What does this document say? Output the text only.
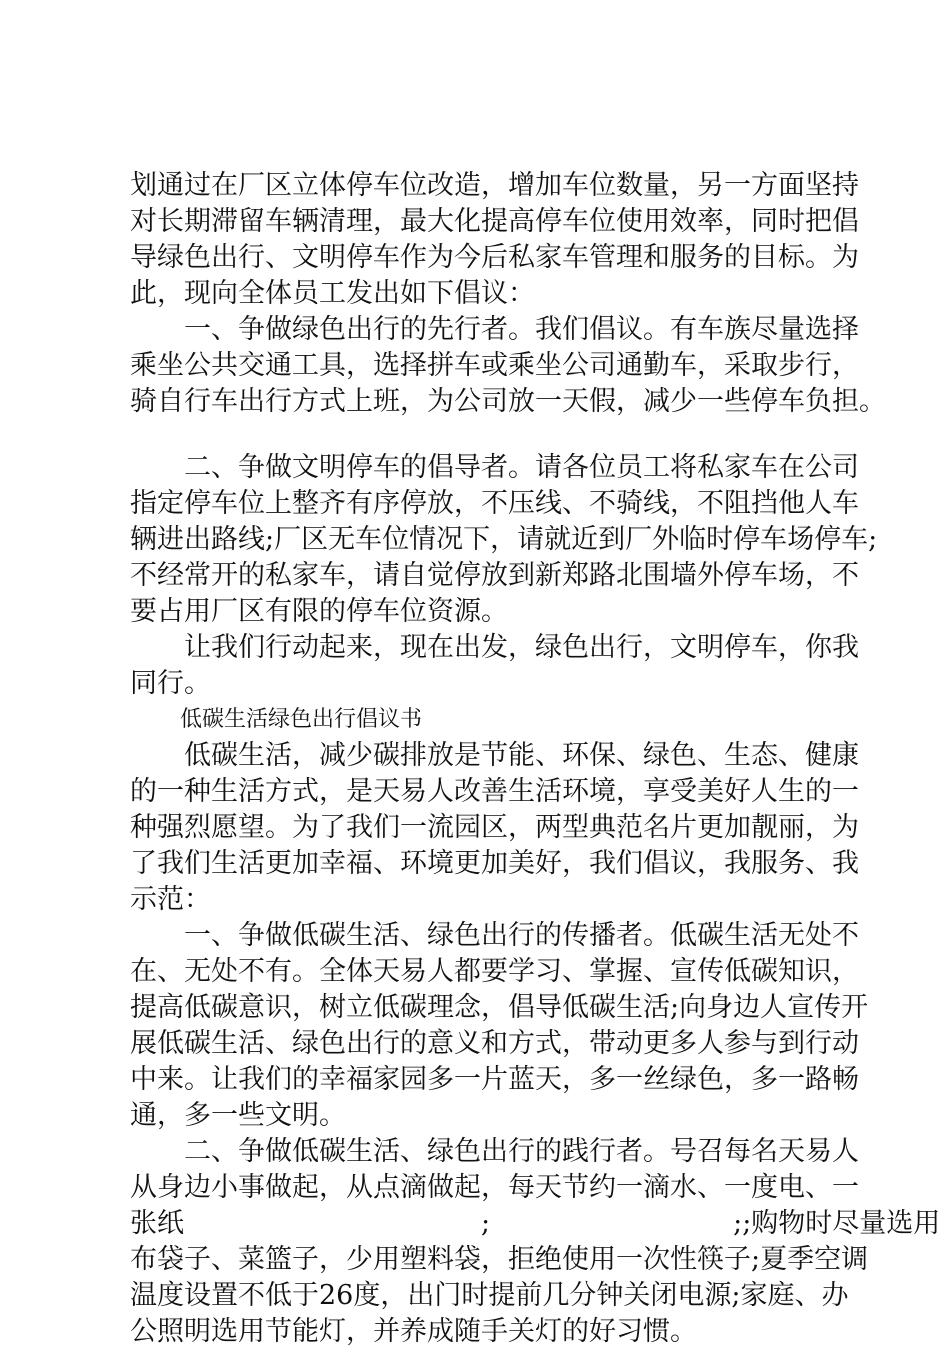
划通过在厂区立体停车位改造，增加车位数量，另一方面坚持
对长期滞留车辆清理，最大化提高停车位使用效率，同时把倡
导绿色出行、文明停车作为今后私家车管理和服务的目标。为
此，现向全体员工发出如下倡议：
　　一、争做绿色出行的先行者。我们倡议。有车族尽量选择
乘坐公共交通工具，选择拼车或乘坐公司通勤车，采取步行，
骑自行车出行方式上班，为公司放一天假，减少一些停车负担。
　　二、争做文明停车的倡导者。请各位员工将私家车在公司
指定停车位上整齐有序停放，不压线、不骑线，不阻挡他人车
辆进出路线;厂区无车位情况下，请就近到厂外临时停车场停车;
不经常开的私家车，请自觉停放到新郑路北围墙外停车场，不
要占用厂区有限的停车位资源。
　　让我们行动起来，现在出发，绿色出行，文明停车，你我
同行。
低碳生活绿色出行倡议书
　　低碳生活，减少碳排放是节能、环保、绿色、生态、健康
的一种生活方式，是天易人改善生活环境，享受美好人生的一
种强烈愿望。为了我们一流园区，两型典范名片更加靓丽，为
了我们生活更加幸福、环境更加美好，我们倡议，我服务、我
示范：
　　一、争做低碳生活、绿色出行的传播者。低碳生活无处不
在、无处不有。全体天易人都要学习、掌握、宣传低碳知识，
提高低碳意识，树立低碳理念，倡导低碳生活;向身边人宣传开
展低碳生活、绿色出行的意义和方式，带动更多人参与到行动
中来。让我们的幸福家园多一片蓝天，多一丝绿色，多一路畅
通，多一些文明。
　　二、争做低碳生活、绿色出行的践行者。号召每名天易人
从身边小事做起，从点滴做起，每天节约一滴水、一度电、一
张纸　　　　　　　　　　　;　　　　　　　　　;;购物时尽量选用
布袋子、菜篮子，少用塑料袋，拒绝使用一次性筷子;夏季空调
温度设置不低于26度，出门时提前几分钟关闭电源;家庭、办
公照明选用节能灯，并养成随手关灯的好习惯。
